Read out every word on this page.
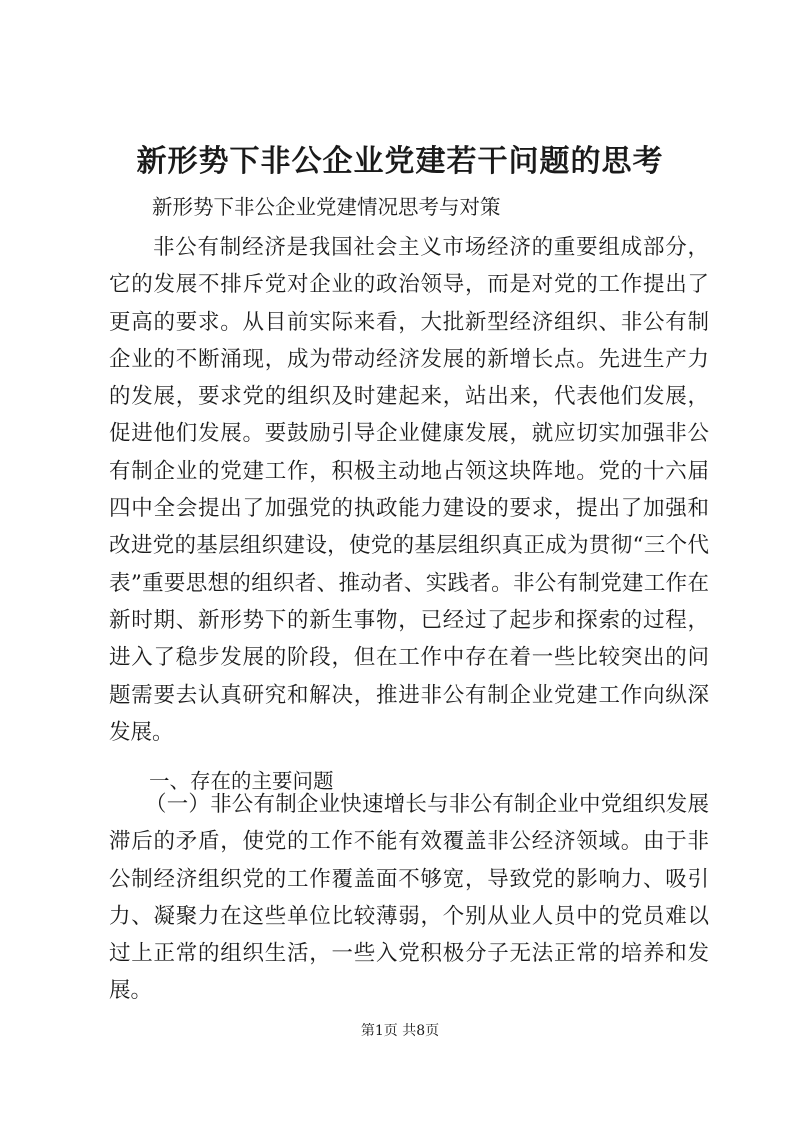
新形势下非公企业党建若干问题的思考
新形势下非公企业党建情况思考与对策
非公有制经济是我国社会主义市场经济的重要组成部分，它的发展不排斥党对企业的政治领导，而是对党的工作提出了更高的要求。从目前实际来看，大批新型经济组织、非公有制企业的不断涌现，成为带动经济发展的新增长点。先进生产力的发展，要求党的组织及时建起来，站出来，代表他们发展，促进他们发展。要鼓励引导企业健康发展，就应切实加强非公有制企业的党建工作，积极主动地占领这块阵地。党的十六届四中全会提出了加强党的执政能力建设的要求，提出了加强和改进党的基层组织建设，使党的基层组织真正成为贯彻“三个代表”重要思想的组织者、推动者、实践者。非公有制党建工作在新时期、新形势下的新生事物，已经过了起步和探索的过程，进入了稳步发展的阶段，但在工作中存在着一些比较突出的问题需要去认真研究和解决，推进非公有制企业党建工作向纵深发展。
一、存在的主要问题
（一）非公有制企业快速增长与非公有制企业中党组织发展滞后的矛盾，使党的工作不能有效覆盖非公经济领域。由于非公制经济组织党的工作覆盖面不够宽，导致党的影响力、吸引力、凝聚力在这些单位比较薄弱，个别从业人员中的党员难以过上正常的组织生活，一些入党积极分子无法正常的培养和发展。
第1页 共8页
